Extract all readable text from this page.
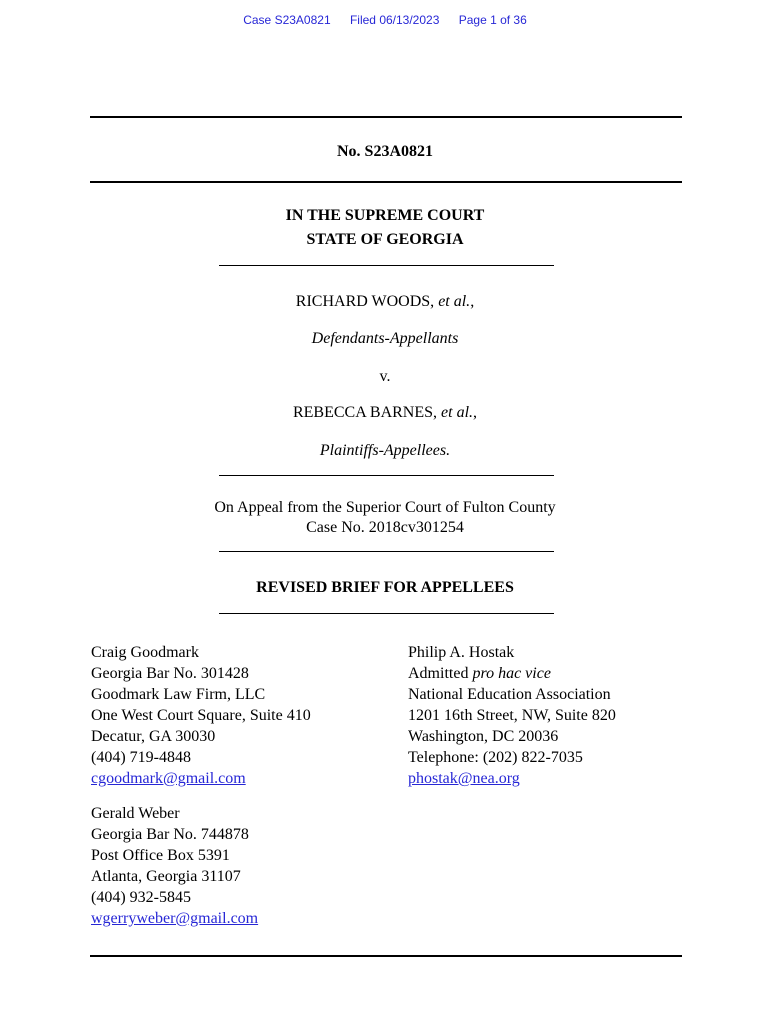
Case S23A0821 Filed 06/13/2023 Page 1 of 36
No. S23A0821
IN THE SUPREME COURT
STATE OF GEORGIA
RICHARD WOODS, et al.,
Defendants-Appellants
v.
REBECCA BARNES, et al.,
Plaintiffs-Appellees.
On Appeal from the Superior Court of Fulton County
Case No. 2018cv301254
REVISED BRIEF FOR APPELLEES
Craig Goodmark
Georgia Bar No. 301428
Goodmark Law Firm, LLC
One West Court Square, Suite 410
Decatur, GA 30030
(404) 719-4848
cgoodmark@gmail.com
Philip A. Hostak
Admitted pro hac vice
National Education Association
1201 16th Street, NW, Suite 820
Washington, DC 20036
Telephone: (202) 822-7035
phostak@nea.org
Gerald Weber
Georgia Bar No. 744878
Post Office Box 5391
Atlanta, Georgia 31107
(404) 932-5845
wgerryweber@gmail.com
